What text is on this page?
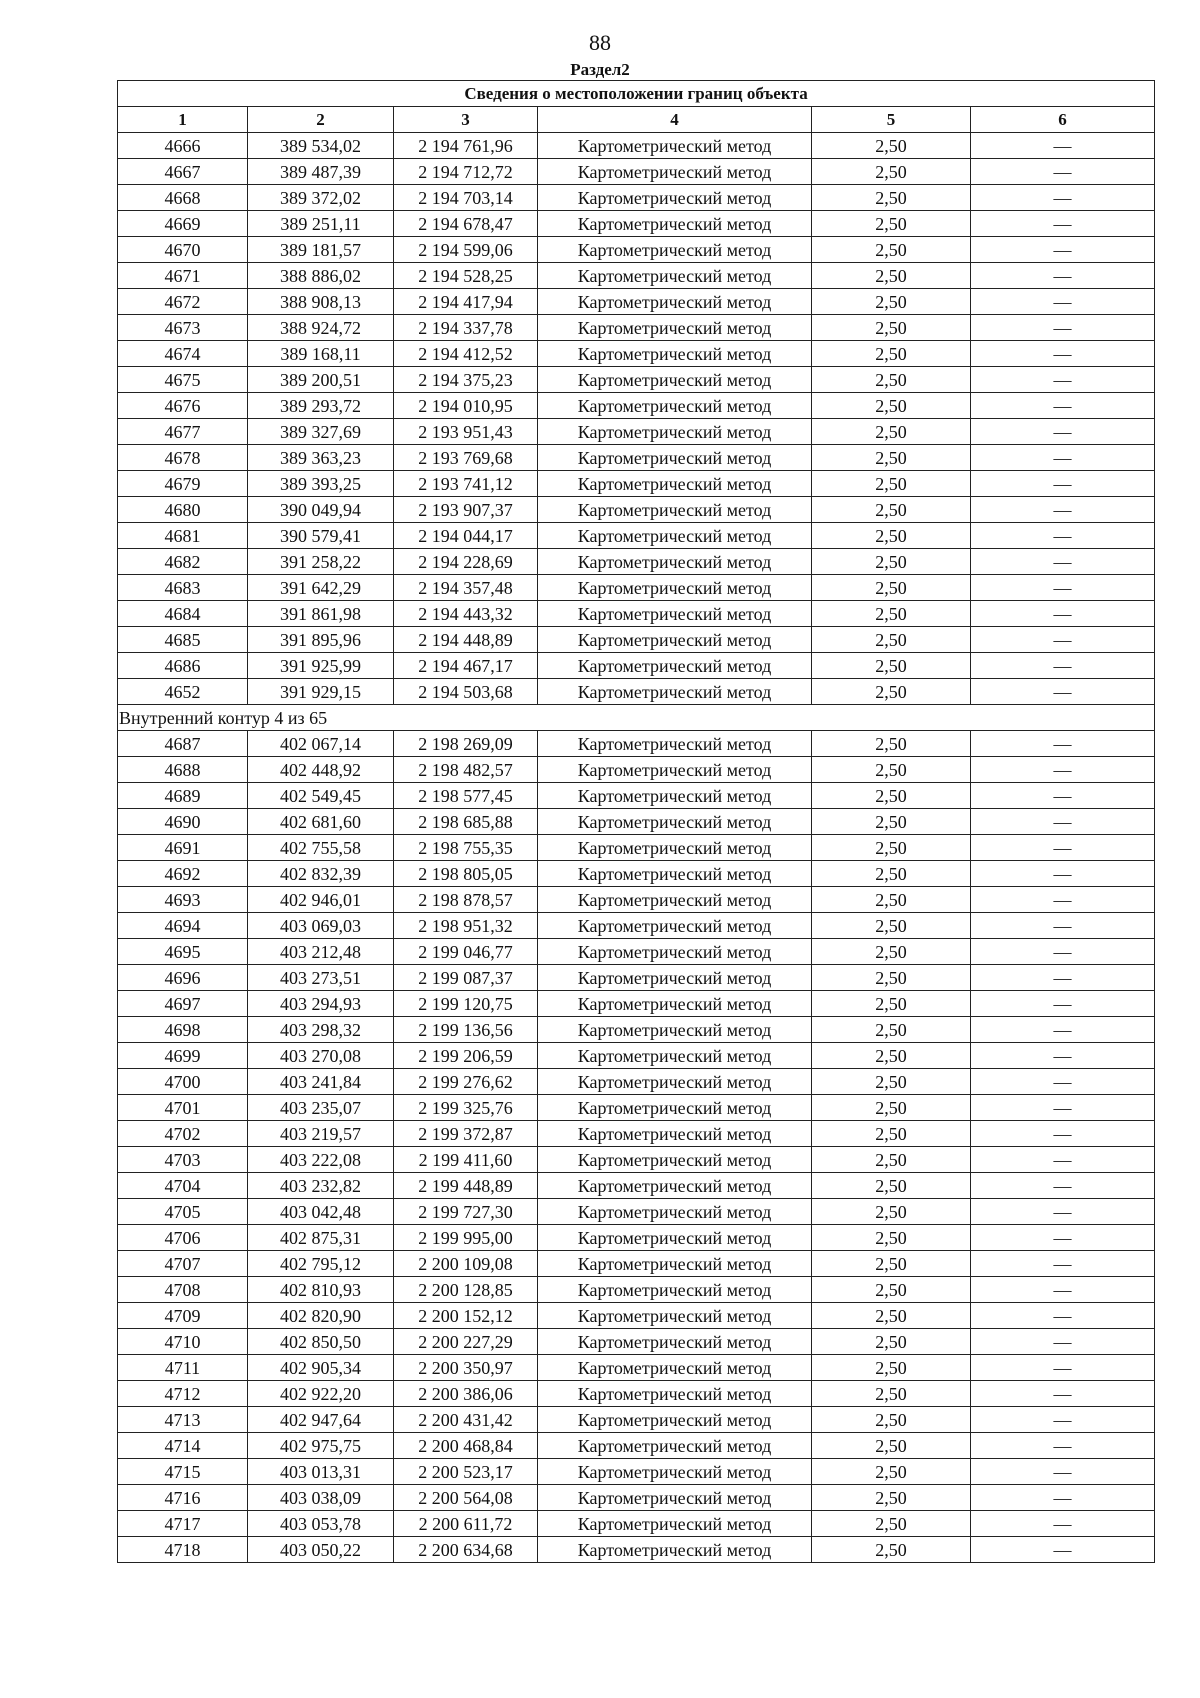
88
Раздел2
Сведения о местоположении границ объекта					
1	2	3	4	5	6
4666	389 534,02	2 194 761,96	Картометрический метод	2,50	—
4667	389 487,39	2 194 712,72	Картометрический метод	2,50	—
4668	389 372,02	2 194 703,14	Картометрический метод	2,50	—
4669	389 251,11	2 194 678,47	Картометрический метод	2,50	—
4670	389 181,57	2 194 599,06	Картометрический метод	2,50	—
4671	388 886,02	2 194 528,25	Картометрический метод	2,50	—
4672	388 908,13	2 194 417,94	Картометрический метод	2,50	—
4673	388 924,72	2 194 337,78	Картометрический метод	2,50	—
4674	389 168,11	2 194 412,52	Картометрический метод	2,50	—
4675	389 200,51	2 194 375,23	Картометрический метод	2,50	—
4676	389 293,72	2 194 010,95	Картометрический метод	2,50	—
4677	389 327,69	2 193 951,43	Картометрический метод	2,50	—
4678	389 363,23	2 193 769,68	Картометрический метод	2,50	—
4679	389 393,25	2 193 741,12	Картометрический метод	2,50	—
4680	390 049,94	2 193 907,37	Картометрический метод	2,50	—
4681	390 579,41	2 194 044,17	Картометрический метод	2,50	—
4682	391 258,22	2 194 228,69	Картометрический метод	2,50	—
4683	391 642,29	2 194 357,48	Картометрический метод	2,50	—
4684	391 861,98	2 194 443,32	Картометрический метод	2,50	—
4685	391 895,96	2 194 448,89	Картометрический метод	2,50	—
4686	391 925,99	2 194 467,17	Картометрический метод	2,50	—
4652	391 929,15	2 194 503,68	Картометрический метод	2,50	—
Внутренний контур 4 из 65					
4687	402 067,14	2 198 269,09	Картометрический метод	2,50	—
4688	402 448,92	2 198 482,57	Картометрический метод	2,50	—
4689	402 549,45	2 198 577,45	Картометрический метод	2,50	—
4690	402 681,60	2 198 685,88	Картометрический метод	2,50	—
4691	402 755,58	2 198 755,35	Картометрический метод	2,50	—
4692	402 832,39	2 198 805,05	Картометрический метод	2,50	—
4693	402 946,01	2 198 878,57	Картометрический метод	2,50	—
4694	403 069,03	2 198 951,32	Картометрический метод	2,50	—
4695	403 212,48	2 199 046,77	Картометрический метод	2,50	—
4696	403 273,51	2 199 087,37	Картометрический метод	2,50	—
4697	403 294,93	2 199 120,75	Картометрический метод	2,50	—
4698	403 298,32	2 199 136,56	Картометрический метод	2,50	—
4699	403 270,08	2 199 206,59	Картометрический метод	2,50	—
4700	403 241,84	2 199 276,62	Картометрический метод	2,50	—
4701	403 235,07	2 199 325,76	Картометрический метод	2,50	—
4702	403 219,57	2 199 372,87	Картометрический метод	2,50	—
4703	403 222,08	2 199 411,60	Картометрический метод	2,50	—
4704	403 232,82	2 199 448,89	Картометрический метод	2,50	—
4705	403 042,48	2 199 727,30	Картометрический метод	2,50	—
4706	402 875,31	2 199 995,00	Картометрический метод	2,50	—
4707	402 795,12	2 200 109,08	Картометрический метод	2,50	—
4708	402 810,93	2 200 128,85	Картометрический метод	2,50	—
4709	402 820,90	2 200 152,12	Картометрический метод	2,50	—
4710	402 850,50	2 200 227,29	Картометрический метод	2,50	—
4711	402 905,34	2 200 350,97	Картометрический метод	2,50	—
4712	402 922,20	2 200 386,06	Картометрический метод	2,50	—
4713	402 947,64	2 200 431,42	Картометрический метод	2,50	—
4714	402 975,75	2 200 468,84	Картометрический метод	2,50	—
4715	403 013,31	2 200 523,17	Картометрический метод	2,50	—
4716	403 038,09	2 200 564,08	Картометрический метод	2,50	—
4717	403 053,78	2 200 611,72	Картометрический метод	2,50	—
4718	403 050,22	2 200 634,68	Картометрический метод	2,50	—
